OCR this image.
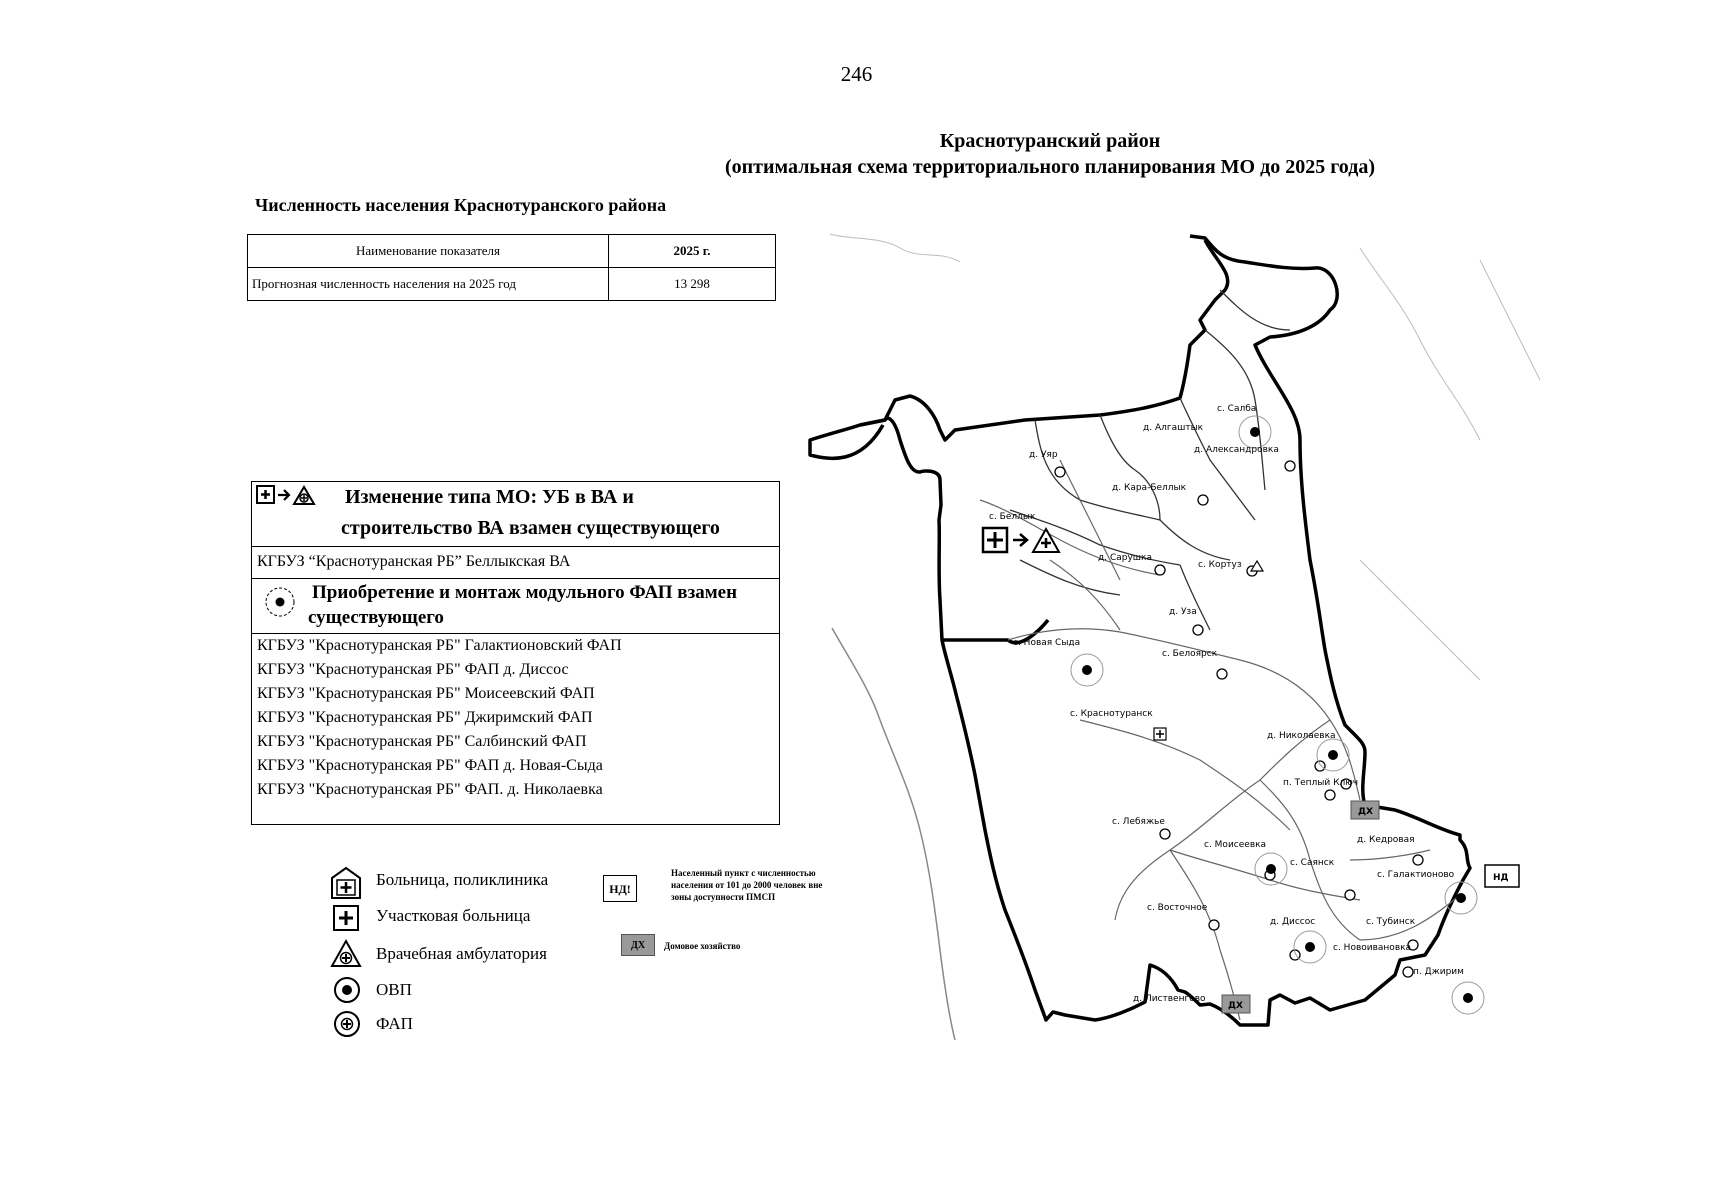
246
Краснотуранский район
(оптимальная схема территориального планирования МО до 2025 года)
Численность населения Краснотуранского района
Наименование показателя	2025 г.
Прогнозная численность населения на 2025 год	13 298
Изменение типа МО: УБ в ВА и
строительство ВА взамен существующего
КГБУЗ “Краснотуранская РБ” Беллыкская ВА
Приобретение и монтаж модульного ФАП взамен
существующего
КГБУЗ "Краснотуранская РБ" Галактионовский ФАП
КГБУЗ "Краснотуранская РБ" ФАП д. Диссос
КГБУЗ "Краснотуранская РБ" Моисеевский ФАП
КГБУЗ "Краснотуранская РБ" Джиримский ФАП
КГБУЗ "Краснотуранская РБ" Салбинский ФАП
КГБУЗ "Краснотуранская РБ" ФАП д. Новая-Сыда
КГБУЗ "Краснотуранская РБ" ФАП. д. Николаевка
Больница, поликлиника
Участковая больница
Врачебная амбулатория
ОВП
ФАП
НД!
Населенный пункт с численностью
населения от 101 до 2000 человек вне
зоны доступности ПМСП
ДХ	Домовое хозяйство
ДХ
ДХ
НД
с. Салба
д. Алгаштык
д. Александровка
д. Уяр
д. Кара-Беллык
с. Беллык
д. Сарушка
с. Кортуз
д. Уза
с. Новая Сыда
с. Белоярск
с. Краснотуранск
д. Николаевка
п. Теплый Ключ
с. Лебяжье
с. Моисеевка	д. Кедровая
с. Саянск
с. Галактионово
с. Восточное
д. Диссос	с. Тубинск
с. Новоивановка
п. Джирим
д. Лиственгово
